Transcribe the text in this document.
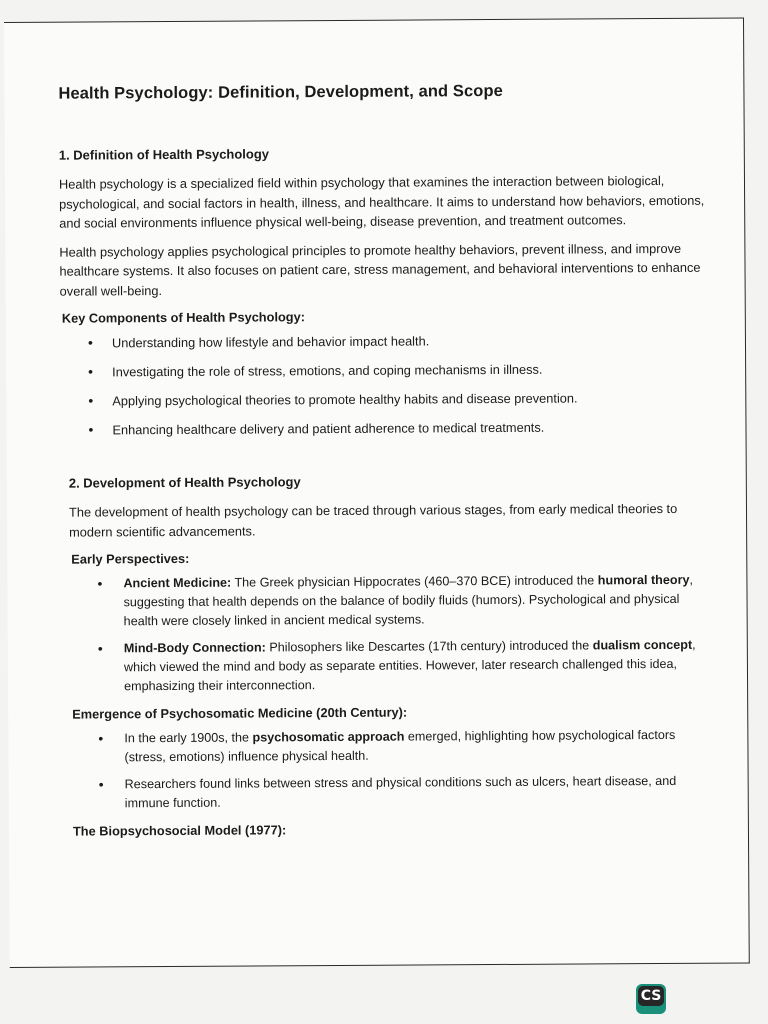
Health Psychology: Definition, Development, and Scope
1. Definition of Health Psychology

Health psychology is a specialized field within psychology that examines the interaction between biological, psychological, and social factors in health, illness, and healthcare. It aims to understand how behaviors, emotions, and social environments influence physical well-being, disease prevention, and treatment outcomes.

Health psychology applies psychological principles to promote healthy behaviors, prevent illness, and improve healthcare systems. It also focuses on patient care, stress management, and behavioral interventions to enhance overall well-being.

Key Components of Health Psychology:
• Understanding how lifestyle and behavior impact health.
• Investigating the role of stress, emotions, and coping mechanisms in illness.
• Applying psychological theories to promote healthy habits and disease prevention.
• Enhancing healthcare delivery and patient adherence to medical treatments.
2. Development of Health Psychology

The development of health psychology can be traced through various stages, from early medical theories to modern scientific advancements.

Early Perspectives:
• Ancient Medicine: The Greek physician Hippocrates (460–370 BCE) introduced the humoral theory, suggesting that health depends on the balance of bodily fluids (humors). Psychological and physical health were closely linked in ancient medical systems.
• Mind-Body Connection: Philosophers like Descartes (17th century) introduced the dualism concept, which viewed the mind and body as separate entities. However, later research challenged this idea, emphasizing their interconnection.
Emergence of Psychosomatic Medicine (20th Century):
• In the early 1900s, the psychosomatic approach emerged, highlighting how psychological factors (stress, emotions) influence physical health.
• Researchers found links between stress and physical conditions such as ulcers, heart disease, and immune function.
The Biopsychosocial Model (1977):
CS
